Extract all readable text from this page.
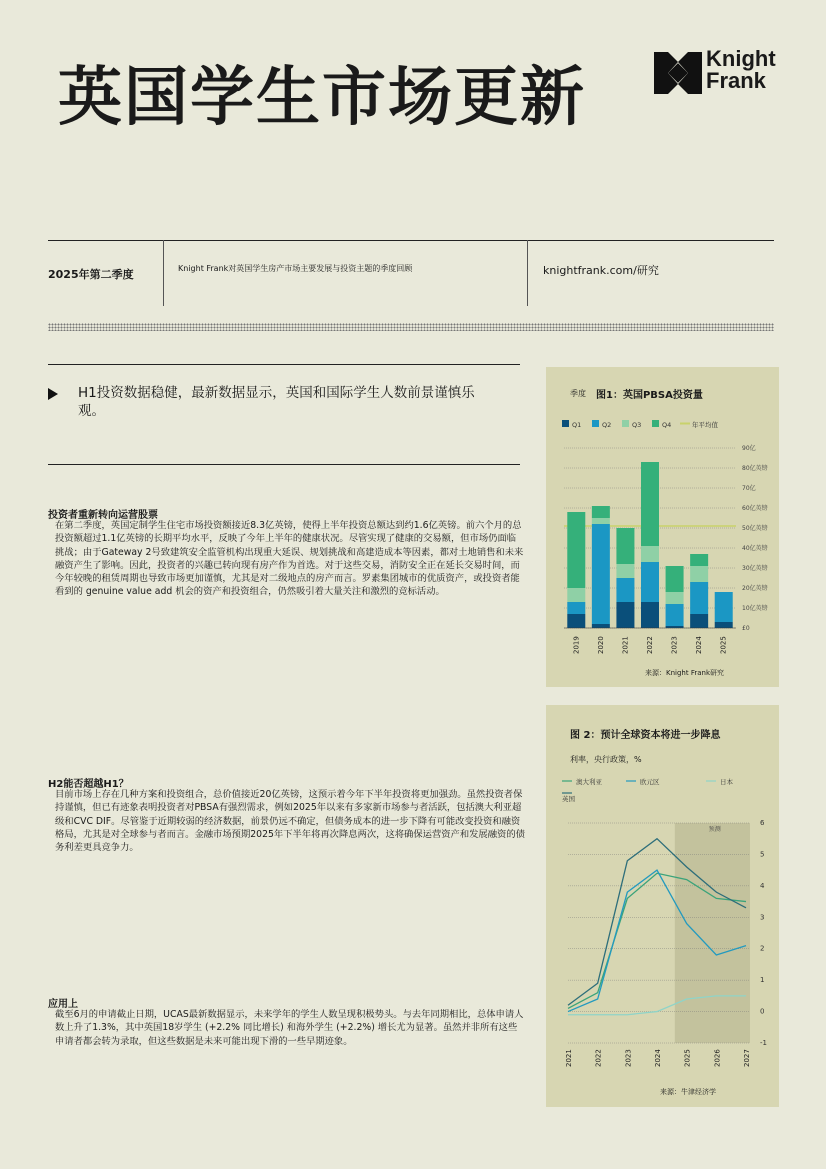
英国学生市场更新
Knight
Frank
2025年第二季度	Knight Frank对英国学生房产市场主要发展与投资主题的季度回顾	knightfrank.com/研究
H1投资数据稳健，最新数据显示，英国和国际学生人数前景谨慎乐观。
投资者重新转向运营股票
在第二季度，英国定制学生住宅市场投资额接近8.3亿英镑，使得上半年投资总额达到约1.6亿英镑。前六个月的总投资额超过1.1亿英镑的长期平均水平，反映了今年上半年的健康状况。尽管实现了健康的交易额，但市场仍面临挑战；由于Gateway 2号致建筑安全监管机构出现重大延误、规划挑战和高建造成本等因素，都对土地销售和未来融资产生了影响。因此，投资者的兴趣已转向现有房产作为首选。对于这些交易，消防安全正在延长交易时间，而今年较晚的租赁周期也导致市场更加谨慎，尤其是对二级地点的房产而言。罗素集团城市的优质资产，或投资者能看到的 genuine value add 机会的资产和投资组合，仍然吸引着大量关注和激烈的竞标活动。
H2能否超越H1？
目前市场上存在几种方案和投资组合，总价值接近20亿英镑，这预示着今年下半年投资将更加强劲。虽然投资者保持谨慎，但已有迹象表明投资者对PBSA有强烈需求，例如2025年以来有多家新市场参与者活跃，包括澳大利亚超级和CVC DIF。尽管鉴于近期较弱的经济数据，前景仍远不确定，但债务成本的进一步下降有可能改变投资和融资格局，尤其是对全球参与者而言。金融市场预期2025年下半年将再次降息两次，这将确保运营资产和发展融资的债务利差更具竞争力。
应用上
截至6月的申请截止日期，UCAS最新数据显示，未来学年的学生人数呈现积极势头。与去年同期相比，总体申请人数上升了1.3%，其中英国18岁学生 (+2.2% 同比增长) 和海外学生 (+2.2%) 增长尤为显著。虽然并非所有这些申请者都会转为录取，但这些数据是未来可能出现下滑的一些早期迹象。
季度 图1：英国PBSA投资量
Q1	Q2	Q3	Q4	年平均值
90亿
80亿英镑
70亿
60亿英镑
50亿英镑
40亿英镑
30亿英镑
20亿英镑
10亿英镑
£0
2019 2020 2021 2022 2023 2024 2025
来源：Knight Frank研究
图 2：预计全球资本将进一步降息
利率，央行政策，%
澳大利亚	欧元区	日本
英国
预测
-1
0
1
2
3
4
5
6
2021	2022	2023	2024	2025	2026	2027
来源：牛津经济学
